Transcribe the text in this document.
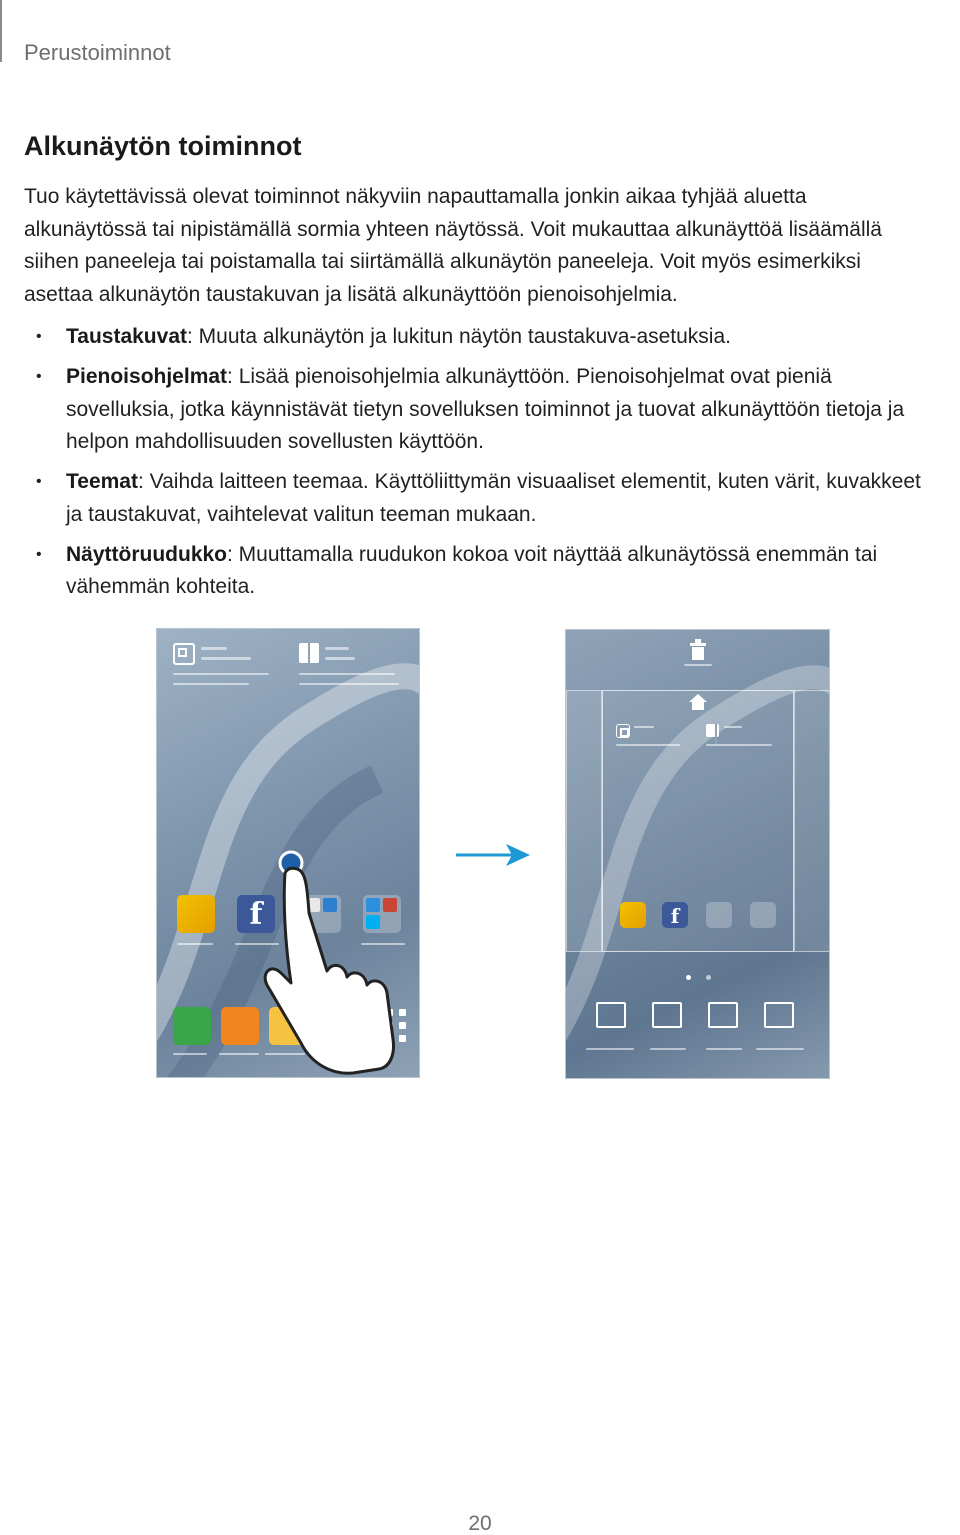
Perustoiminnot
Alkunäytön toiminnot

Tuo käytettävissä olevat toiminnot näkyviin napauttamalla jonkin aikaa tyhjää aluetta
alkunäytössä tai nipistämällä sormia yhteen näytössä. Voit mukauttaa alkunäyttöä lisäämällä
siihen paneeleja tai poistamalla tai siirtämällä alkunäytön paneeleja. Voit myös esimerkiksi
asettaa alkunäytön taustakuvan ja lisätä alkunäyttöön pienoisohjelmia.

• Taustakuvat: Muuta alkunäytön ja lukitun näytön taustakuva-asetuksia.
• Pienoisohjelmat: Lisää pienoisohjelmia alkunäyttöön. Pienoisohjelmat ovat pieniä
sovelluksia, jotka käynnistävät tietyn sovelluksen toiminnot ja tuovat alkunäyttöön tietoja ja
helpon mahdollisuuden sovellusten käyttöön.
• Teemat: Vaihda laitteen teemaa. Käyttöliittymän visuaaliset elementit, kuten värit, kuvakkeet
ja taustakuvat, vaihtelevat valitun teeman mukaan.
• Näyttöruudukko: Muuttamalla ruudukon kokoa voit näyttää alkunäytössä enemmän tai
vähemmän kohteita.
f	f
20
